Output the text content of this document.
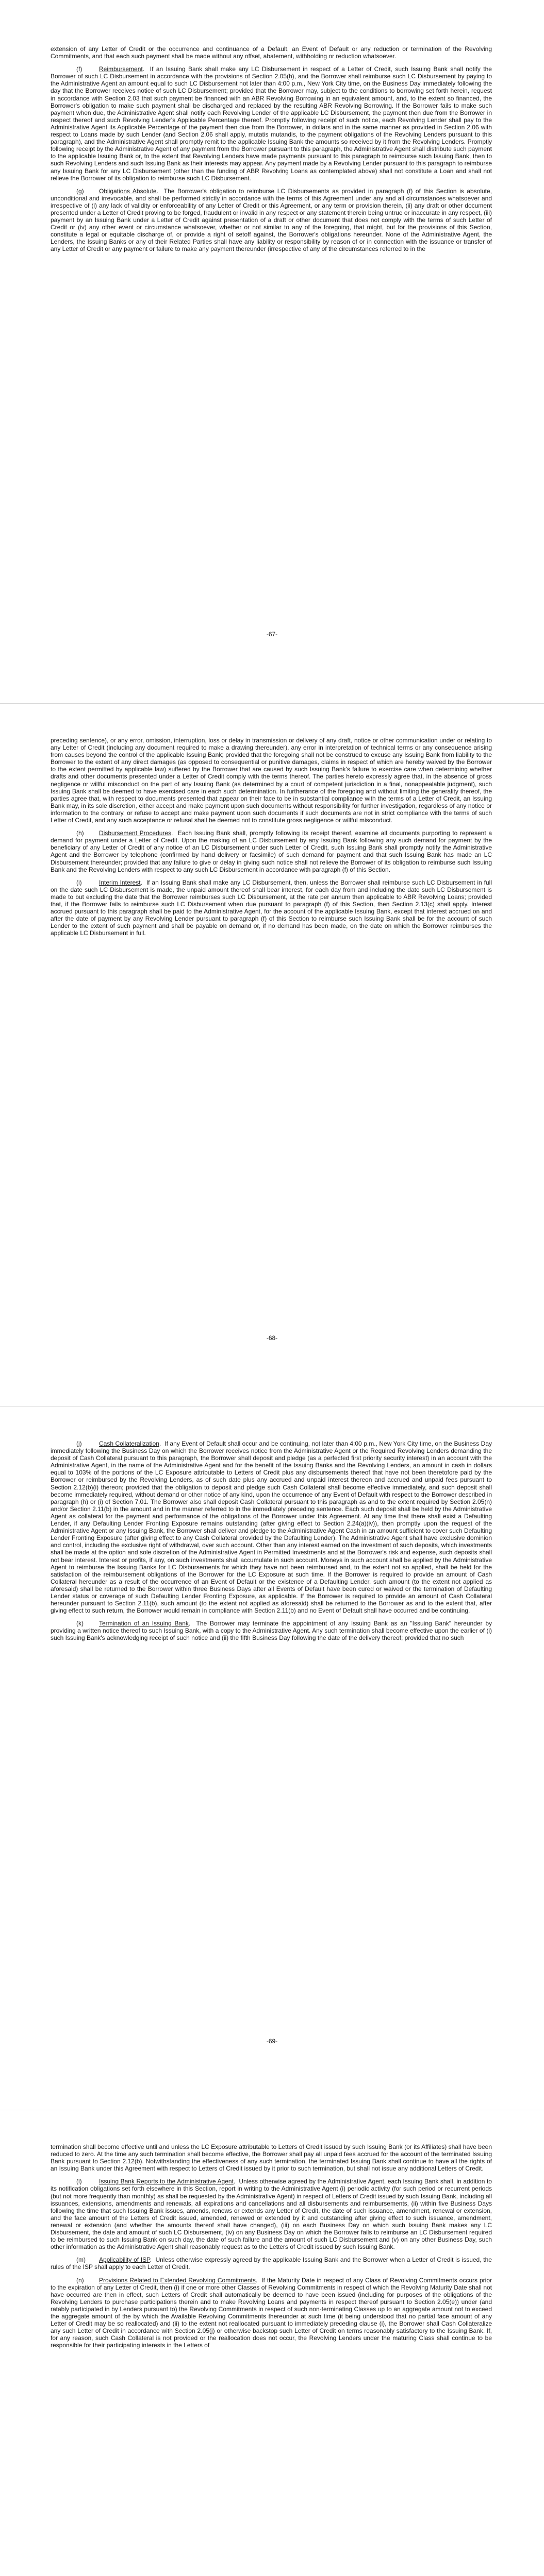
extension of any Letter of Credit or the occurrence and continuance of a Default, an Event of Default or any reduction or termination of the Revolving Commitments, and that each such payment shall be made without any offset, abatement, withholding or reduction whatsoever.

(f)	Reimbursement.  If an Issuing Bank shall make any LC Disbursement in respect of a Letter of Credit, such Issuing Bank shall notify the Borrower of such LC Disbursement in accordance with the provisions of Section 2.05(h), and the Borrower shall reimburse such LC Disbursement by paying to the Administrative Agent an amount equal to such LC Disbursement not later than 4:00 p.m., New York City time, on the Business Day immediately following the day that the Borrower receives notice of such LC Disbursement; provided that the Borrower may, subject to the conditions to borrowing set forth herein, request in accordance with Section 2.03 that such payment be financed with an ABR Revolving Borrowing in an equivalent amount, and, to the extent so financed, the Borrower's obligation to make such payment shall be discharged and replaced by the resulting ABR Revolving Borrowing. If the Borrower fails to make such payment when due, the Administrative Agent shall notify each Revolving Lender of the applicable LC Disbursement, the payment then due from the Borrower in respect thereof and such Revolving Lender's Applicable Percentage thereof. Promptly following receipt of such notice, each Revolving Lender shall pay to the Administrative Agent its Applicable Percentage of the payment then due from the Borrower, in dollars and in the same manner as provided in Section 2.06 with respect to Loans made by such Lender (and Section 2.06 shall apply, mutatis mutandis, to the payment obligations of the Revolving Lenders pursuant to this paragraph), and the Administrative Agent shall promptly remit to the applicable Issuing Bank the amounts so received by it from the Revolving Lenders. Promptly following receipt by the Administrative Agent of any payment from the Borrower pursuant to this paragraph, the Administrative Agent shall distribute such payment to the applicable Issuing Bank or, to the extent that Revolving Lenders have made payments pursuant to this paragraph to reimburse such Issuing Bank, then to such Revolving Lenders and such Issuing Bank as their interests may appear. Any payment made by a Revolving Lender pursuant to this paragraph to reimburse any Issuing Bank for any LC Disbursement (other than the funding of ABR Revolving Loans as contemplated above) shall not constitute a Loan and shall not relieve the Borrower of its obligation to reimburse such LC Disbursement.

(g) Obligations Absolute.  The Borrower's obligation to reimburse LC Disbursements as provided in paragraph (f) of this Section is absolute, unconditional and irrevocable, and shall be performed strictly in accordance with the terms of this Agreement under any and all circumstances whatsoever and irrespective of (i) any lack of validity or enforceability of any Letter of Credit or this Agreement, or any term or provision therein, (ii) any draft or other document presented under a Letter of Credit proving to be forged, fraudulent or invalid in any respect or any statement therein being untrue or inaccurate in any respect, (iii) payment by an Issuing Bank under a Letter of Credit against presentation of a draft or other document that does not comply with the terms of such Letter of Credit or (iv) any other event or circumstance whatsoever, whether or not similar to any of the foregoing, that might, but for the provisions of this Section, constitute a legal or equitable discharge of, or provide a right of setoff against, the Borrower's obligations hereunder. None of the Administrative Agent, the Lenders, the Issuing Banks or any of their Related Parties shall have any liability or responsibility by reason of or in connection with the issuance or transfer of any Letter of Credit or any payment or failure to make any payment thereunder (irrespective of any of the circumstances referred to in the

-67-

preceding sentence), or any error, omission, interruption, loss or delay in transmission or delivery of any draft, notice or other communication under or relating to any Letter of Credit (including any document required to make a drawing thereunder), any error in interpretation of technical terms or any consequence arising from causes beyond the control of the applicable Issuing Bank; provided that the foregoing shall not be construed to excuse any Issuing Bank from liability to the Borrower to the extent of any direct damages (as opposed to consequential or punitive damages, claims in respect of which are hereby waived by the Borrower to the extent permitted by applicable law) suffered by the Borrower that are caused by such Issuing Bank's failure to exercise care when determining whether drafts and other documents presented under a Letter of Credit comply with the terms thereof. The parties hereto expressly agree that, in the absence of gross negligence or willful misconduct on the part of any Issuing Bank (as determined by a court of competent jurisdiction in a final, nonappealable judgment), such Issuing Bank shall be deemed to have exercised care in each such determination. In furtherance of the foregoing and without limiting the generality thereof, the parties agree that, with respect to documents presented that appear on their face to be in substantial compliance with the terms of a Letter of Credit, an Issuing Bank may, in its sole discretion, either accept and make payment upon such documents without responsibility for further investigation, regardless of any notice or information to the contrary, or refuse to accept and make payment upon such documents if such documents are not in strict compliance with the terms of such Letter of Credit, and any such acceptance or refusal shall be deemed not to constitute gross negligence or willful misconduct.

(h) Disbursement Procedures.  Each Issuing Bank shall, promptly following its receipt thereof, examine all documents purporting to represent a demand for payment under a Letter of Credit. Upon the making of an LC Disbursement by any Issuing Bank following any such demand for payment by the beneficiary of any Letter of Credit of any notice of an LC Disbursement under such Letter of Credit, such Issuing Bank shall promptly notify the Administrative Agent and the Borrower by telephone (confirmed by hand delivery or facsimile) of such demand for payment and that such Issuing Bank has made an LC Disbursement thereunder; provided that any failure to give or delay in giving such notice shall not relieve the Borrower of its obligation to reimburse such Issuing Bank and the Revolving Lenders with respect to any such LC Disbursement in accordance with paragraph (f) of this Section.

(i)	Interim Interest.  If an Issuing Bank shall make any LC Disbursement, then, unless the Borrower shall reimburse such LC Disbursement in full on the date such LC Disbursement is made, the unpaid amount thereof shall bear interest, for each day from and including the date such LC Disbursement is made to but excluding the date that the Borrower reimburses such LC Disbursement, at the rate per annum then applicable to ABR Revolving Loans; provided that, if the Borrower fails to reimburse such LC Disbursement when due pursuant to paragraph (f) of this Section, then Section 2.13(c) shall apply. Interest accrued pursuant to this paragraph shall be paid to the Administrative Agent, for the account of the applicable Issuing Bank, except that interest accrued on and after the date of payment by any Revolving Lender pursuant to paragraph (f) of this Section to reimburse such Issuing Bank shall be for the account of such Lender to the extent of such payment and shall be payable on demand or, if no demand has been made, on the date on which the Borrower reimburses the applicable LC Disbursement in full.

-68-

(j)	Cash Collateralization.  If any Event of Default shall occur and be continuing, not later than 4:00 p.m., New York City time, on the Business Day immediately following the Business Day on which the Borrower receives notice from the Administrative Agent or the Required Revolving Lenders demanding the deposit of Cash Collateral pursuant to this paragraph, the Borrower shall deposit and pledge (as a perfected first priority security interest) in an account with the Administrative Agent, in the name of the Administrative Agent and for the benefit of the Issuing Banks and the Revolving Lenders, an amount in cash in dollars equal to 103% of the portions of the LC Exposure attributable to Letters of Credit plus any disbursements thereof that have not been theretofore paid by the Borrower or reimbursed by the Revolving Lenders, as of such date plus any accrued and unpaid interest thereon and accrued and unpaid fees pursuant to Section 2.12(b)(i) thereon; provided that the obligation to deposit and pledge such Cash Collateral shall become effective immediately, and such deposit shall become immediately required, without demand or other notice of any kind, upon the occurrence of any Event of Default with respect to the Borrower described in paragraph (h) or (i) of Section 7.01. The Borrower also shall deposit Cash Collateral pursuant to this paragraph as and to the extent required by Section 2.05(n) and/or Section 2.11(b) in the amount and in the manner referred to in the immediately preceding sentence. Each such deposit shall be held by the Administrative Agent as collateral for the payment and performance of the obligations of the Borrower under this Agreement. At any time that there shall exist a Defaulting Lender, if any Defaulting Lender Fronting Exposure remains outstanding (after giving effect to Section 2.24(a)(iv)), then promptly upon the request of the Administrative Agent or any Issuing Bank, the Borrower shall deliver and pledge to the Administrative Agent Cash in an amount sufficient to cover such Defaulting Lender Fronting Exposure (after giving effect to any Cash Collateral provided by the Defaulting Lender). The Administrative Agent shall have exclusive dominion and control, including the exclusive right of withdrawal, over such account. Other than any interest earned on the investment of such deposits, which investments shall be made at the option and sole discretion of the Administrative Agent in Permitted Investments and at the Borrower's risk and expense, such deposits shall not bear interest. Interest or profits, if any, on such investments shall accumulate in such account. Moneys in such account shall be applied by the Administrative Agent to reimburse the Issuing Banks for LC Disbursements for which they have not been reimbursed and, to the extent not so applied, shall be held for the satisfaction of the reimbursement obligations of the Borrower for the LC Exposure at such time. If the Borrower is required to provide an amount of Cash Collateral hereunder as a result of the occurrence of an Event of Default or the existence of a Defaulting Lender, such amount (to the extent not applied as aforesaid) shall be returned to the Borrower within three Business Days after all Events of Default have been cured or waived or the termination of Defaulting Lender status or coverage of such Defaulting Lender Fronting Exposure, as applicable. If the Borrower is required to provide an amount of Cash Collateral hereunder pursuant to Section 2.11(b), such amount (to the extent not applied as aforesaid) shall be returned to the Borrower as and to the extent that, after giving effect to such return, the Borrower would remain in compliance with Section 2.11(b) and no Event of Default shall have occurred and be continuing.

(k)	Termination of an Issuing Bank.  The Borrower may terminate the appointment of any Issuing Bank as an "Issuing Bank" hereunder by providing a written notice thereof to such Issuing Bank, with a copy to the Administrative Agent. Any such termination shall become effective upon the earlier of (i) such Issuing Bank's acknowledging receipt of such notice and (ii) the fifth Business Day following the date of the delivery thereof; provided that no such

-69-

termination shall become effective until and unless the LC Exposure attributable to Letters of Credit issued by such Issuing Bank (or its Affiliates) shall have been reduced to zero. At the time any such termination shall become effective, the Borrower shall pay all unpaid fees accrued for the account of the terminated Issuing Bank pursuant to Section 2.12(b). Notwithstanding the effectiveness of any such termination, the terminated Issuing Bank shall continue to have all the rights of an Issuing Bank under this Agreement with respect to Letters of Credit issued by it prior to such termination, but shall not issue any additional Letters of Credit.

(l)	Issuing Bank Reports to the Administrative Agent.  Unless otherwise agreed by the Administrative Agent, each Issuing Bank shall, in addition to its notification obligations set forth elsewhere in this Section, report in writing to the Administrative Agent (i) periodic activity (for such period or recurrent periods (but not more frequently than monthly) as shall be requested by the Administrative Agent) in respect of Letters of Credit issued by such Issuing Bank, including all issuances, extensions, amendments and renewals, all expirations and cancellations and all disbursements and reimbursements, (ii) within five Business Days following the time that such Issuing Bank issues, amends, renews or extends any Letter of Credit, the date of such issuance, amendment, renewal or extension, and the face amount of the Letters of Credit issued, amended, renewed or extended by it and outstanding after giving effect to such issuance, amendment, renewal or extension (and whether the amounts thereof shall have changed), (iii) on each Business Day on which such Issuing Bank makes any LC Disbursement, the date and amount of such LC Disbursement, (iv) on any Business Day on which the Borrower fails to reimburse an LC Disbursement required to be reimbursed to such Issuing Bank on such day, the date of such failure and the amount of such LC Disbursement and (v) on any other Business Day, such other information as the Administrative Agent shall reasonably request as to the Letters of Credit issued by such Issuing Bank.

(m) Applicability of ISP.  Unless otherwise expressly agreed by the applicable Issuing Bank and the Borrower when a Letter of Credit is issued, the rules of the ISP shall apply to each Letter of Credit.

(n) Provisions Related to Extended Revolving Commitments.  If the Maturity Date in respect of any Class of Revolving Commitments occurs prior to the expiration of any Letter of Credit, then (i) if one or more other Classes of Revolving Commitments in respect of which the Revolving Maturity Date shall not have occurred are then in effect, such Letters of Credit shall automatically be deemed to have been issued (including for purposes of the obligations of the Revolving Lenders to purchase participations therein and to make Revolving Loans and payments in respect thereof pursuant to Section 2.05(e)) under (and ratably participated in by Lenders pursuant to) the Revolving Commitments in respect of such non-terminating Classes up to an aggregate amount not to exceed the aggregate amount of the by which the Available Revolving Commitments thereunder at such time (it being understood that no partial face amount of any Letter of Credit may be so reallocated) and (ii) to the extent not reallocated pursuant to immediately preceding clause (i), the Borrower shall Cash Collateralize any such Letter of Credit in accordance with Section 2.05(j) or otherwise backstop such Letter of Credit on terms reasonably satisfactory to the Issuing Bank. If, for any reason, such Cash Collateral is not provided or the reallocation does not occur, the Revolving Lenders under the maturing Class shall continue to be responsible for their participating interests in the Letters of
